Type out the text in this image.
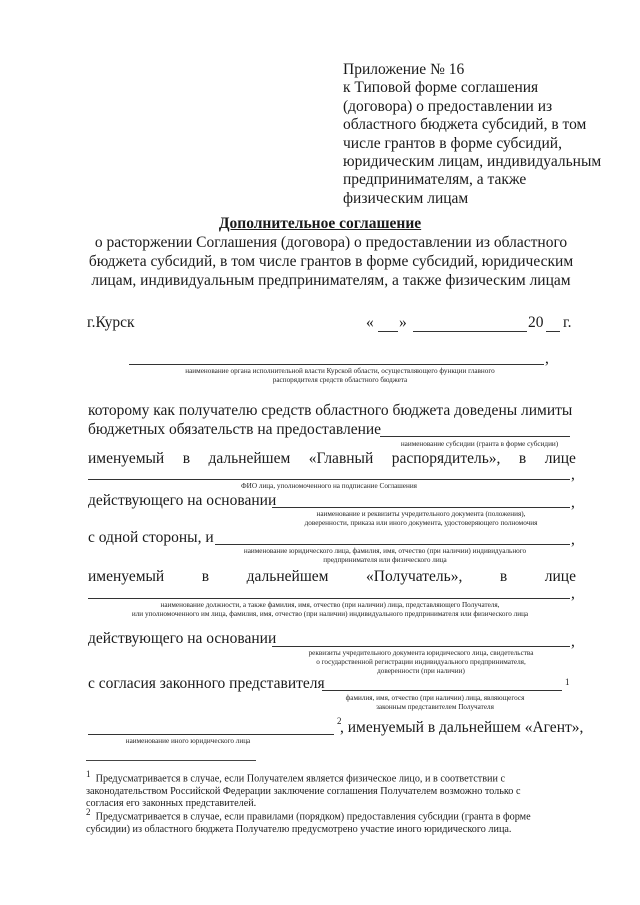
Приложение № 16
к Типовой форме соглашения
(договора) о предоставлении из
областного бюджета субсидий, в том
числе грантов в форме субсидий,
юридическим лицам, индивидуальным
предпринимателям, а также
физическим лицам
Дополнительное соглашение
о расторжении Соглашения (договора) о предоставлении из областного
бюджета субсидий, в том числе грантов в форме субсидий, юридическим
лицам, индивидуальным предпринимателям, а также физическим лицам
г.Курск	« »	20 г.
,
наименование органа исполнительной власти Курской области, осуществляющего функции главного
распорядителя средств областного бюджета
которому как получателю средств областного бюджета доведены лимиты
бюджетных обязательств на предоставление
наименование субсидии (гранта в форме субсидии)
именуемый в дальнейшем «Главный распорядитель», в лице
,
ФИО лица, уполномоченного на подписание Соглашения
действующего на основании	,
наименование и реквизиты учредительного документа (положения),
доверенности, приказа или иного документа, удостоверяющего полномочия
с одной стороны, и	,
наименование юридического лица, фамилия, имя, отчество (при наличии) индивидуального
предпринимателя или физического лица
именуемый в дальнейшем «Получатель», в лице
,
наименование должности, а также фамилия, имя, отчество (при наличии) лица, представляющего Получателя,
или уполномоченного им лица, фамилия, имя, отчество (при наличии) индивидуального предпринимателя или физического лица
действующего на основании	,
реквизиты учредительного документа юридического лица, свидетельства
о государственной регистрации индивидуального предпринимателя,
доверенности (при наличии)
с согласия законного представителя	1
фамилия, имя, отчество (при наличии) лица, являющегося
законным представителем Получателя
2
, именуемый в дальнейшем «Агент»,
наименование иного юридического лица
$^1$ Предусматривается в случае, если Получателем является физическое лицо, и в соответствии с
законодательством Российской Федерации заключение соглашения Получателем возможно только с
согласия его законных представителей.
$^2$ Предусматривается в случае, если правилами (порядком) предоставления субсидии (гранта в форме
субсидии) из областного бюджета Получателю предусмотрено участие иного юридического лица.
